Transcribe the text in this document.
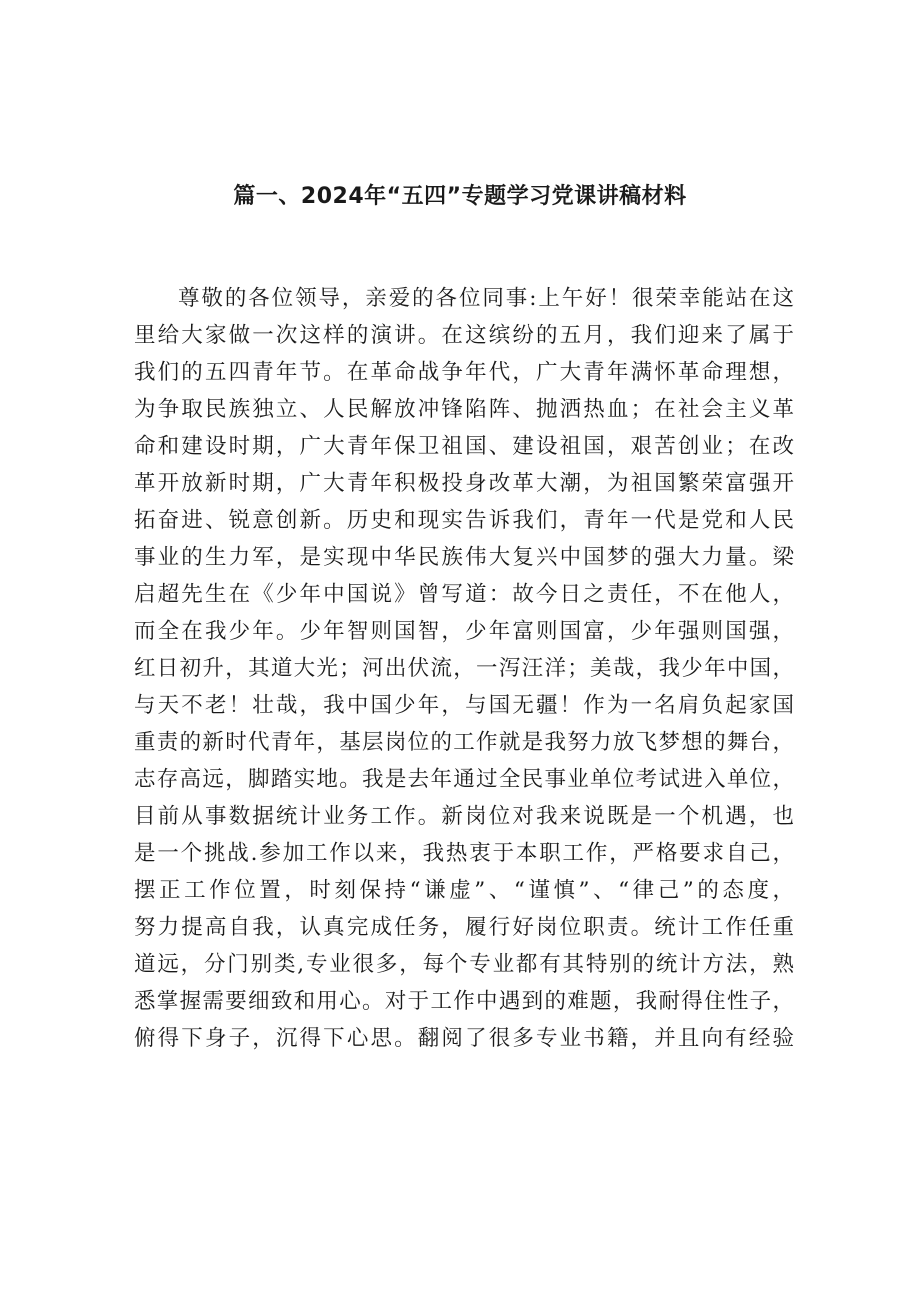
篇一、2024年“五四”专题学习党课讲稿材料
尊敬的各位领导，亲爱的各位同事:上午好！很荣幸能站在这
里给大家做一次这样的演讲。在这缤纷的五月，我们迎来了属于
我们的五四青年节。在革命战争年代，广大青年满怀革命理想，
为争取民族独立、人民解放冲锋陷阵、抛洒热血；在社会主义革
命和建设时期，广大青年保卫祖国、建设祖国，艰苦创业；在改
革开放新时期，广大青年积极投身改革大潮，为祖国繁荣富强开
拓奋进、锐意创新。历史和现实告诉我们，青年一代是党和人民
事业的生力军，是实现中华民族伟大复兴中国梦的强大力量。梁
启超先生在《少年中国说》曾写道：故今日之责任，不在他人，
而全在我少年。少年智则国智，少年富则国富，少年强则国强，
红日初升，其道大光；河出伏流，一泻汪洋；美哉，我少年中国，
与天不老！壮哉，我中国少年，与国无疆！作为一名肩负起家国
重责的新时代青年，基层岗位的工作就是我努力放飞梦想的舞台，
志存高远，脚踏实地。我是去年通过全民事业单位考试进入单位，
目前从事数据统计业务工作。新岗位对我来说既是一个机遇，也
是一个挑战.参加工作以来，我热衷于本职工作，严格要求自己，
摆正工作位置，时刻保持“谦虚”、“谨慎”、“律己”的态度，
努力提高自我，认真完成任务，履行好岗位职责。统计工作任重
道远，分门别类,专业很多，每个专业都有其特别的统计方法，熟
悉掌握需要细致和用心。对于工作中遇到的难题，我耐得住性子，
俯得下身子，沉得下心思。翻阅了很多专业书籍，并且向有经验
